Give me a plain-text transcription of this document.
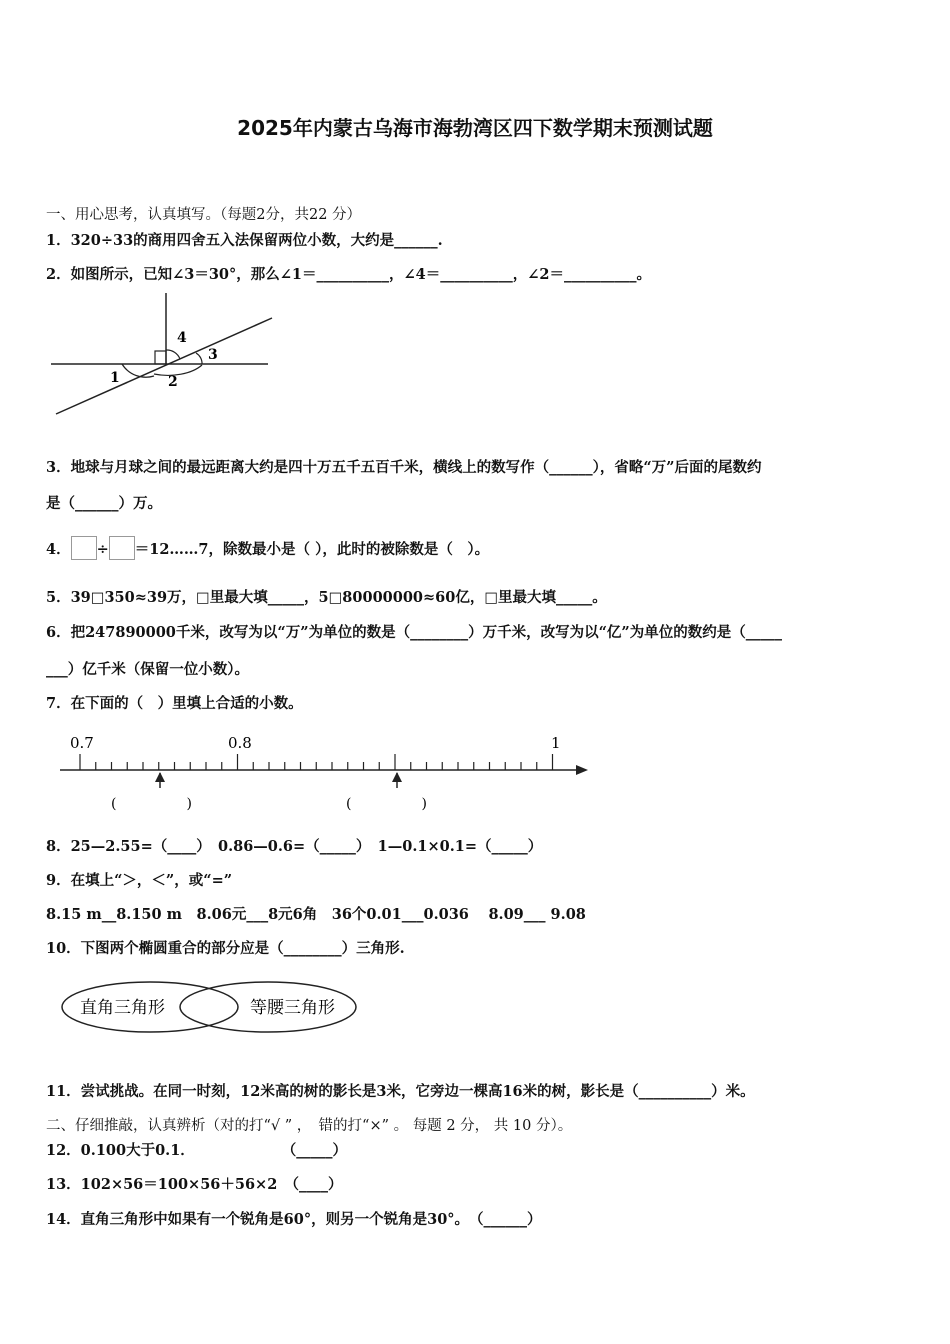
2025年内蒙古乌海市海勃湾区四下数学期末预测试题
一、用心思考，认真填写。（每题2分，共22 分）
1．320÷33的商用四舍五入法保留两位小数，大约是______.
2．如图所示，已知∠3＝30°，那么∠1＝__________，∠4＝__________，∠2＝__________。
4
3
1	2
3．地球与月球之间的最远距离大约是四十万五千五百千米，横线上的数写作（______），省略“万”后面的尾数约
是（______）万。
4． ÷ ＝12……7，除数最小是（ ），此时的被除数是（　）。
5．39□350≈39万，□里最大填_____，5□80000000≈60亿，□里最大填_____。
6．把247890000千米，改写为以“万”为单位的数是（________）万千米，改写为以“亿”为单位的数约是（_____
___）亿千米（保留一位小数）。
7．在下面的（　）里填上合适的小数。
0.7	0.8	1
(　　　　　)	(　　　　　)
8．25—2.55=（____）　0.86—0.6=（_____）　1—0.1×0.1=（_____）
9．在填上“＞，＜”，或“=”
8.15 m__8.150 m　8.06元___8元6角　36个0.01___0.036　 8.09___ 9.08
10．下图两个椭圆重合的部分应是（________）三角形.
直角三角形	等腰三角形
11．尝试挑战。在同一时刻，12米高的树的影长是3米，它旁边一棵高16米的树，影长是（__________）米。
二、仔细推敲，认真辨析（对的打“√ ” ，　错的打“×” 。 每题 2 分， 共 10 分）。
12．0.100大于0.1．　　　　　　　（_____）
13．102×56＝100×56＋56×2　（____）
14．直角三角形中如果有一个锐角是60°，则另一个锐角是30°。　（______）
